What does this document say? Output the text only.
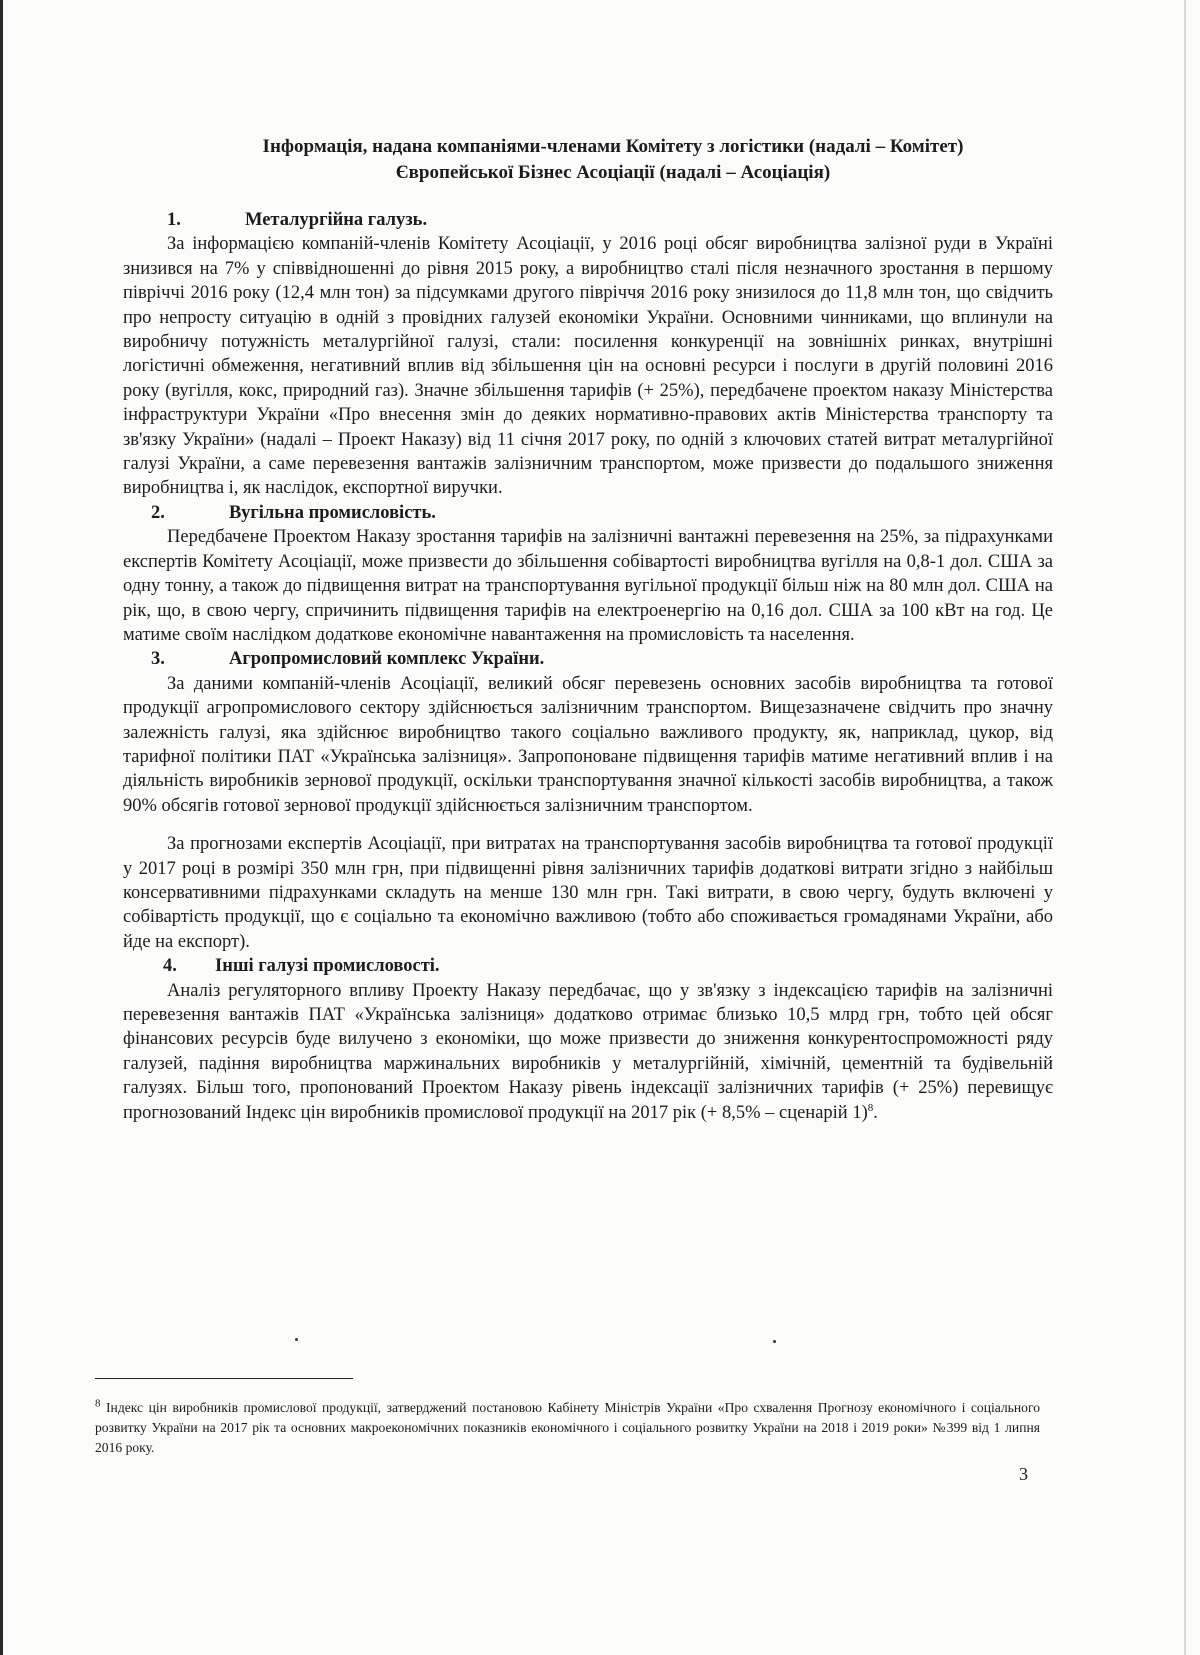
Інформація, надана компаніями-членами Комітету з логістики (надалі – Комітет)
Європейської Бізнес Асоціації (надалі – Асоціація)
1.	Металургійна галузь.

За інформацією компаній-членів Комітету Асоціації, у 2016 році обсяг виробництва залізної руди в Україні знизився на 7% у співвідношенні до рівня 2015 року, а виробництво сталі після незначного зростання в першому півріччі 2016 року (12,4 млн тон) за підсумками другого півріччя 2016 року знизилося до 11,8 млн тон, що свідчить про непросту ситуацію в одній з провідних галузей економіки України. Основними чинниками, що вплинули на виробничу потужність металургійної галузі, стали: посилення конкуренції на зовнішніх ринках, внутрішні логістичні обмеження, негативний вплив від збільшення цін на основні ресурси і послуги в другій половині 2016 року (вугілля, кокс, природний газ). Значне збільшення тарифів (+ 25%), передбачене проектом наказу Міністерства інфраструктури України «Про внесення змін до деяких нормативно-правових актів Міністерства транспорту та зв'язку України» (надалі – Проект Наказу) від 11 січня 2017 року, по одній з ключових статей витрат металургійної галузі України, а саме перевезення вантажів залізничним транспортом, може призвести до подальшого зниження виробництва і, як наслідок, експортної виручки.

2.	Вугільна промисловість.

Передбачене Проектом Наказу зростання тарифів на залізничні вантажні перевезення на 25%, за підрахунками експертів Комітету Асоціації, може призвести до збільшення собівартості виробництва вугілля на 0,8-1 дол. США за одну тонну, а також до підвищення витрат на транспортування вугільної продукції більш ніж на 80 млн дол. США на рік, що, в свою чергу, спричинить підвищення тарифів на електроенергію на 0,16 дол. США за 100 кВт на год. Це матиме своїм наслідком додаткове економічне навантаження на промисловість та населення.

3.	Агропромисловий комплекс України.

За даними компаній-членів Асоціації, великий обсяг перевезень основних засобів виробництва та готової продукції агропромислового сектору здійснюється залізничним транспортом. Вищезазначене свідчить про значну залежність галузі, яка здійснює виробництво такого соціально важливого продукту, як, наприклад, цукор, від тарифної політики ПАТ «Українська залізниця». Запропоноване підвищення тарифів матиме негативний вплив і на діяльність виробників зернової продукції, оскільки транспортування значної кількості засобів виробництва, а також 90% обсягів готової зернової продукції здійснюється залізничним транспортом.

За прогнозами експертів Асоціації, при витратах на транспортування засобів виробництва та готової продукції у 2017 році в розмірі 350 млн грн, при підвищенні рівня залізничних тарифів додаткові витрати згідно з найбільш консервативними підрахунками складуть на менше 130 млн грн. Такі витрати, в свою чергу, будуть включені у собівартість продукції, що є соціально та економічно важливою (тобто або споживається громадянами України, або йде на експорт).

4. Інші галузі промисловості.

Аналіз регуляторного впливу Проекту Наказу передбачає, що у зв'язку з індексацією тарифів на залізничні перевезення вантажів ПАТ «Українська залізниця» додатково отримає близько 10,5 млрд грн, тобто цей обсяг фінансових ресурсів буде вилучено з економіки, що може призвести до зниження конкурентоспроможності ряду галузей, падіння виробництва маржинальних виробників у металургійній, хімічній, цементній та будівельній галузях. Більш того, пропонований Проектом Наказу рівень індексації залізничних тарифів (+ 25%) перевищує прогнозований Індекс цін виробників промислової продукції на 2017 рік (+ 8,5% – сценарій 1)$^8$.

$^8$ Індекс цін виробників промислової продукції, затверджений постановою Кабінету Міністрів України «Про схвалення Прогнозу економічного і соціального розвитку України на 2017 рік та основних макроекономічних показників економічного і соціального розвитку України на 2018 і 2019 роки» №399 від 1 липня 2016 року.
3
